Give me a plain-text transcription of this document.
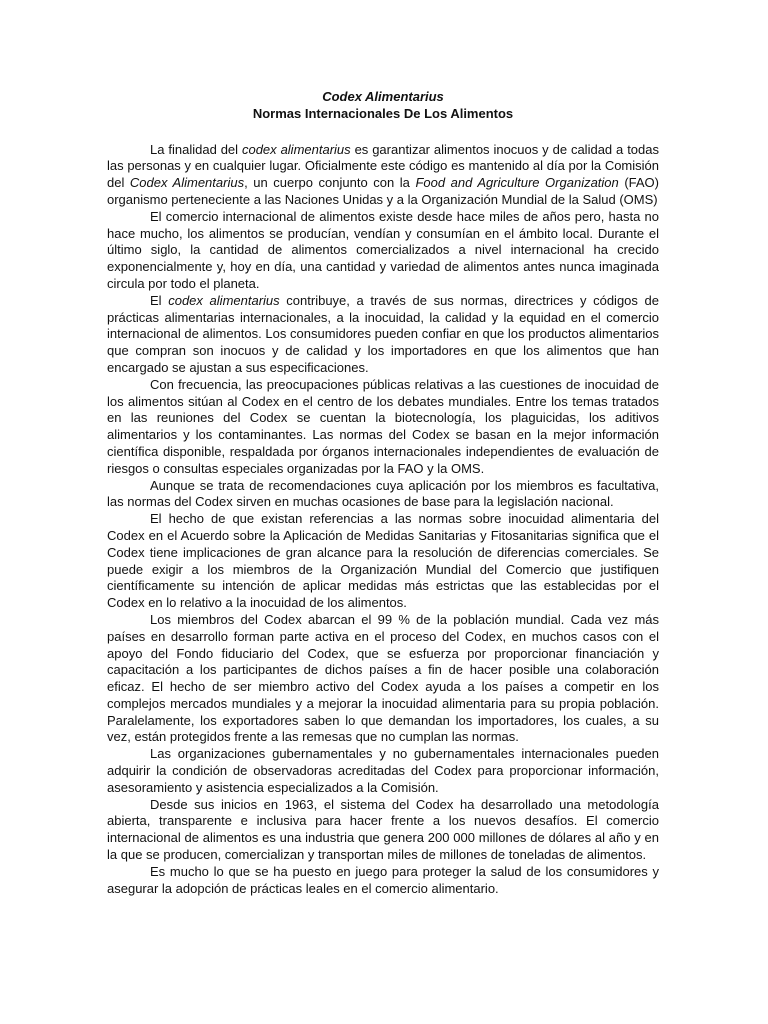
Codex Alimentarius

Normas Internacionales De Los Alimentos

La finalidad del codex alimentarius es garantizar alimentos inocuos y de calidad a todas las personas y en cualquier lugar. Oficialmente este código es mantenido al día por la Comisión del Codex Alimentarius, un cuerpo conjunto con la Food and Agriculture Organization (FAO) organismo perteneciente a las Naciones Unidas y a la Organización Mundial de la Salud (OMS)

El comercio internacional de alimentos existe desde hace miles de años pero, hasta no hace mucho, los alimentos se producían, vendían y consumían en el ámbito local. Durante el último siglo, la cantidad de alimentos comercializados a nivel internacional ha crecido exponencialmente y, hoy en día, una cantidad y variedad de alimentos antes nunca imaginada circula por todo el planeta.

El codex alimentarius contribuye, a través de sus normas, directrices y códigos de prácticas alimentarias internacionales, a la inocuidad, la calidad y la equidad en el comercio internacional de alimentos. Los consumidores pueden confiar en que los productos alimentarios que compran son inocuos y de calidad y los importadores en que los alimentos que han encargado se ajustan a sus especificaciones.

Con frecuencia, las preocupaciones públicas relativas a las cuestiones de inocuidad de los alimentos sitúan al Codex en el centro de los debates mundiales. Entre los temas tratados en las reuniones del Codex se cuentan la biotecnología, los plaguicidas, los aditivos alimentarios y los contaminantes. Las normas del Codex se basan en la mejor información científica disponible, respaldada por órganos internacionales independientes de evaluación de riesgos o consultas especiales organizadas por la FAO y la OMS.

Aunque se trata de recomendaciones cuya aplicación por los miembros es facultativa, las normas del Codex sirven en muchas ocasiones de base para la legislación nacional.

El hecho de que existan referencias a las normas sobre inocuidad alimentaria del Codex en el Acuerdo sobre la Aplicación de Medidas Sanitarias y Fitosanitarias significa que el Codex tiene implicaciones de gran alcance para la resolución de diferencias comerciales. Se puede exigir a los miembros de la Organización Mundial del Comercio que justifiquen científicamente su intención de aplicar medidas más estrictas que las establecidas por el Codex en lo relativo a la inocuidad de los alimentos.

Los miembros del Codex abarcan el 99 % de la población mundial. Cada vez más países en desarrollo forman parte activa en el proceso del Codex, en muchos casos con el apoyo del Fondo fiduciario del Codex, que se esfuerza por proporcionar financiación y capacitación a los participantes de dichos países a fin de hacer posible una colaboración eficaz. El hecho de ser miembro activo del Codex ayuda a los países a competir en los complejos mercados mundiales y a mejorar la inocuidad alimentaria para su propia población. Paralelamente, los exportadores saben lo que demandan los importadores, los cuales, a su vez, están protegidos frente a las remesas que no cumplan las normas.

Las organizaciones gubernamentales y no gubernamentales internacionales pueden adquirir la condición de observadoras acreditadas del Codex para proporcionar información, asesoramiento y asistencia especializados a la Comisión.

Desde sus inicios en 1963, el sistema del Codex ha desarrollado una metodología abierta, transparente e inclusiva para hacer frente a los nuevos desafíos. El comercio internacional de alimentos es una industria que genera 200 000 millones de dólares al año y en la que se producen, comercializan y transportan miles de millones de toneladas de alimentos.

Es mucho lo que se ha puesto en juego para proteger la salud de los consumidores y asegurar la adopción de prácticas leales en el comercio alimentario.
